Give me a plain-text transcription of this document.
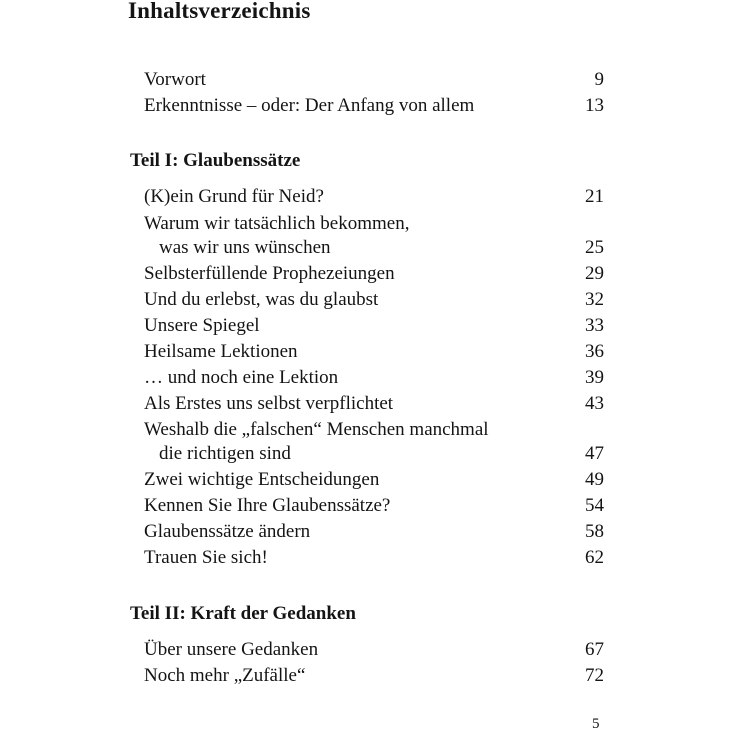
Inhaltsverzeichnis
Vorwort	9
Erkenntnisse – oder: Der Anfang von allem	13
Teil I: Glaubenssätze
(K)ein Grund für Neid?	21
Warum wir tatsächlich bekommen,
was wir uns wünschen	25
Selbsterfüllende Prophezeiungen	29
Und du erlebst, was du glaubst	32
Unsere Spiegel	33
Heilsame Lektionen	36
… und noch eine Lektion	39
Als Erstes uns selbst verpflichtet	43
Weshalb die „falschen“ Menschen manchmal
die richtigen sind	47
Zwei wichtige Entscheidungen	49
Kennen Sie Ihre Glaubenssätze?	54
Glaubenssätze ändern	58
Trauen Sie sich!	62
Teil II: Kraft der Gedanken
Über unsere Gedanken	67
Noch mehr „Zufälle“	72
5
